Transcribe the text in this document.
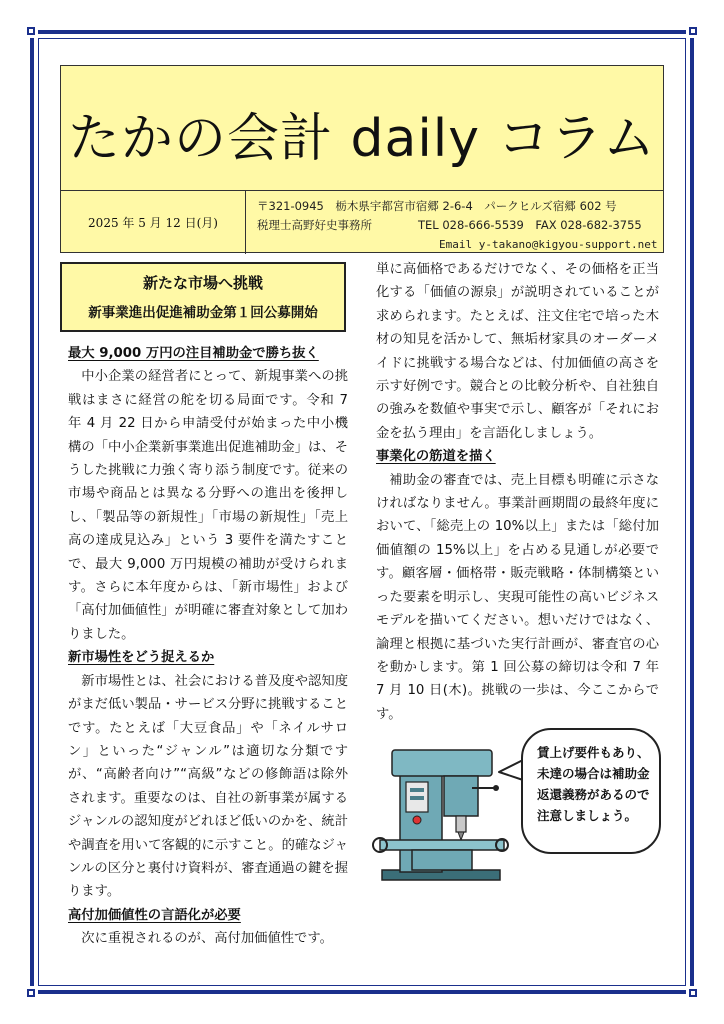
たかの会計 daily コラム
2025 年 5 月 12 日(月)
〒321-0945　栃木県宇都宮市宿郷 2-6-4　パークヒルズ宿郷 602 号
税理士高野好史事務所　　　　TEL 028-666-5539　FAX 028-682-3755
Email y-takano@kigyou-support.net
新たな市場へ挑戦
新事業進出促進補助金第１回公募開始
最大 9,000 万円の注目補助金で勝ち抜く

中小企業の経営者にとって、新規事業への挑戦はまさに経営の舵を切る局面です。令和 7 年 4 月 22 日から申請受付が始まった中小機構の「中小企業新事業進出促進補助金」は、そうした挑戦に力強く寄り添う制度です。従来の市場や商品とは異なる分野への進出を後押しし、「製品等の新規性」「市場の新規性」「売上高の達成見込み」という 3 要件を満たすことで、最大 9,000 万円規模の補助が受けられます。さらに本年度からは、「新市場性」および「高付加価値性」が明確に審査対象として加わりました。

新市場性をどう捉えるか

新市場性とは、社会における普及度や認知度がまだ低い製品・サービス分野に挑戦することです。たとえば「大豆食品」や「ネイルサロン」といった“ジャンル”は適切な分類ですが、“高齢者向け”“高級”などの修飾語は除外されます。重要なのは、自社の新事業が属するジャンルの認知度がどれほど低いのかを、統計や調査を用いて客観的に示すこと。的確なジャンルの区分と裏付け資料が、審査通過の鍵を握ります。

高付加価値性の言語化が必要

次に重視されるのが、高付加価値性です。

単に高価格であるだけでなく、その価格を正当化する「価値の源泉」が説明されていることが求められます。たとえば、注文住宅で培った木材の知見を活かして、無垢材家具のオーダーメイドに挑戦する場合などは、付加価値の高さを示す好例です。競合との比較分析や、自社独自の強みを数値や事実で示し、顧客が「それにお金を払う理由」を言語化しましょう。

事業化の筋道を描く

補助金の審査では、売上目標も明確に示さなければなりません。事業計画期間の最終年度において、「総売上の 10%以上」または「総付加価値額の 15%以上」を占める見通しが必要です。顧客層・価格帯・販売戦略・体制構築といった要素を明示し、実現可能性の高いビジネスモデルを描いてください。想いだけではなく、論理と根拠に基づいた実行計画が、審査官の心を動かします。第 1 回公募の締切は令和 7 年 7 月 10 日(木)。挑戦の一歩は、今ここからです。

賃上げ要件もあり、未達の場合は補助金返還義務があるので注意しましょう。
